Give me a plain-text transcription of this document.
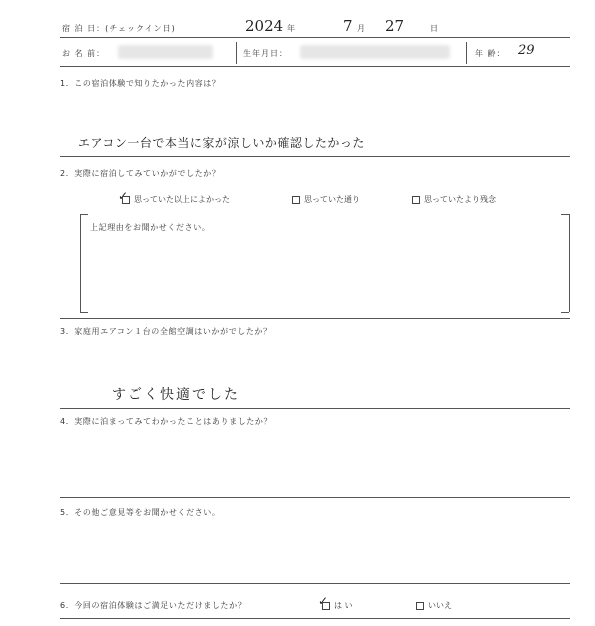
宿 泊 日：(チェックイン日)	2024 年	7 月 27	日
お 名 前：	生年月日：	年 齢： 29
1．この宿泊体験で知りたかった内容は？
エアコン一台で本当に家が涼しいか確認したかった
2．実際に宿泊してみていかがでしたか？
✓ 思っていた以上によかった	思っていた通り	思っていたより残念
上記理由をお聞かせください。
3．家庭用エアコン１台の全館空調はいかがでしたか？
すごく快適でした
4．実際に泊まってみてわかったことはありましたか？
5．その他ご意見等をお聞かせください。
6．今回の宿泊体験はご満足いただけましたか？	✓ は い	いいえ
